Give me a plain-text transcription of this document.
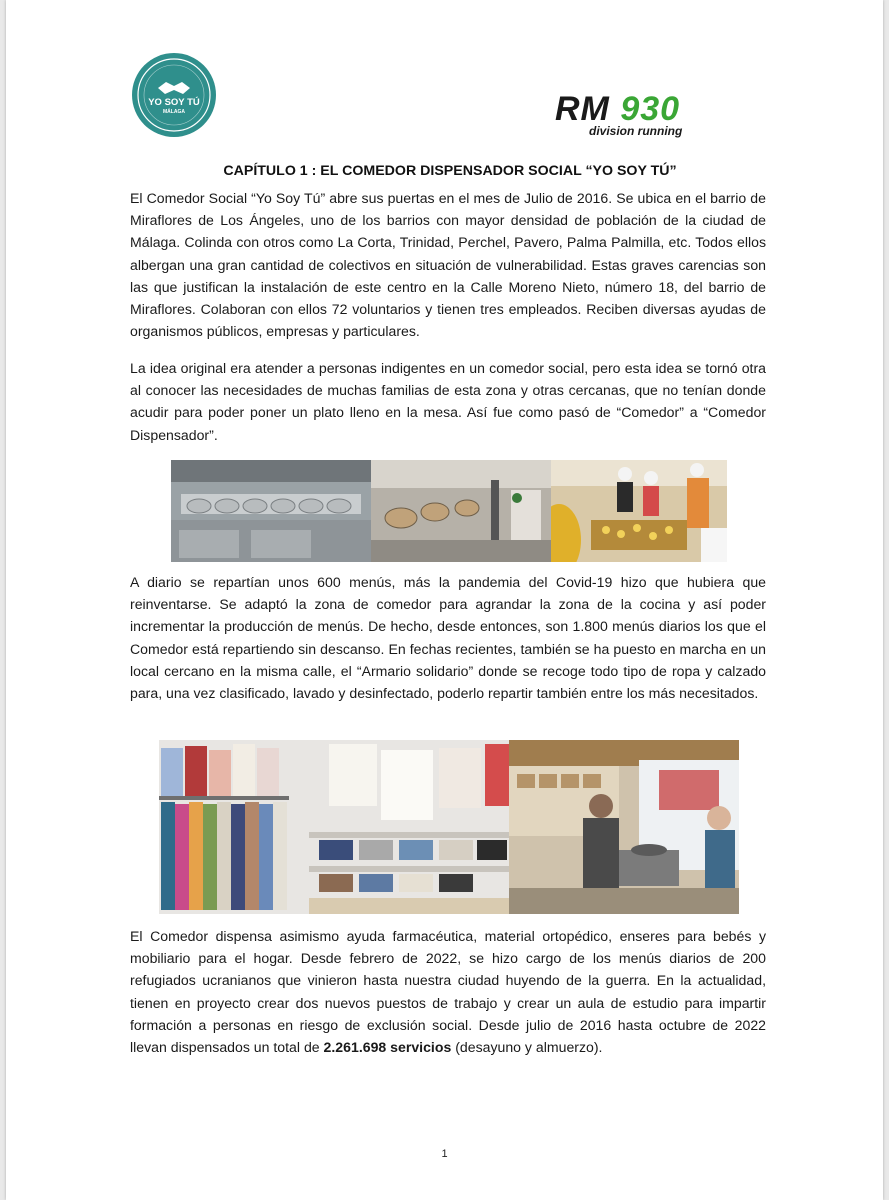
YO SOY TÚ
MÁLAGA	RM 930
division running
CAPÍTULO 1 : EL COMEDOR DISPENSADOR SOCIAL “YO SOY TÚ”

El Comedor Social “Yo Soy Tú” abre sus puertas en el mes de Julio de 2016. Se ubica en el barrio de Miraflores de Los Ángeles, uno de los barrios con mayor densidad de población de la ciudad de Málaga. Colinda con otros como La Corta, Trinidad, Perchel, Pavero, Palma Palmilla, etc. Todos ellos albergan una gran cantidad de colectivos en situación de vulnerabilidad. Estas graves carencias son las que justifican la instalación de este centro en la Calle Moreno Nieto, número 18, del barrio de Miraflores. Colaboran con ellos 72 voluntarios y tienen tres empleados. Reciben diversas ayudas de organismos públicos, empresas y particulares.

La idea original era atender a personas indigentes en un comedor social, pero esta idea se tornó otra al conocer las necesidades de muchas familias de esta zona y otras cercanas, que no tenían donde acudir para poder poner un plato lleno en la mesa. Así fue como pasó de “Comedor” a “Comedor Dispensador”.

A diario se repartían unos 600 menús, más la pandemia del Covid-19 hizo que hubiera que reinventarse. Se adaptó la zona de comedor para agrandar la zona de la cocina y así poder incrementar la producción de menús. De hecho, desde entonces, son 1.800 menús diarios los que el Comedor está repartiendo sin descanso. En fechas recientes, también se ha puesto en marcha en un local cercano en la misma calle, el “Armario solidario” donde se recoge todo tipo de ropa y calzado para, una vez clasificado, lavado y desinfectado, poderlo repartir también entre los más necesitados.

El Comedor dispensa asimismo ayuda farmacéutica, material ortopédico, enseres para bebés y mobiliario para el hogar. Desde febrero de 2022, se hizo cargo de los menús diarios de 200 refugiados ucranianos que vinieron hasta nuestra ciudad huyendo de la guerra. En la actualidad, tienen en proyecto crear dos nuevos puestos de trabajo y crear un aula de estudio para impartir formación a personas en riesgo de exclusión social. Desde julio de 2016 hasta octubre de 2022 llevan dispensados un total de 2.261.698 servicios (desayuno y almuerzo).

1
